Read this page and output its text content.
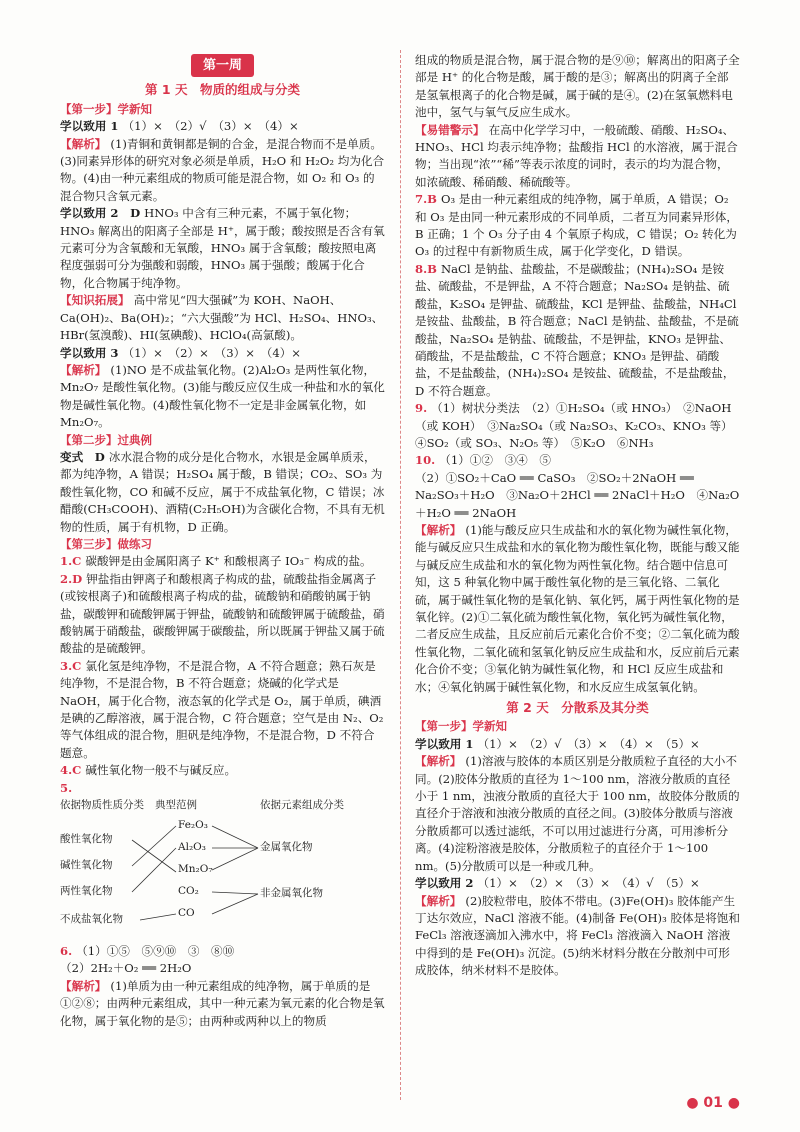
第一周
第 1 天　物质的组成与分类
【第一步】学新知

学以致用 1 （1）×　（2）√　（3）×　（4）×

【解析】 (1)青铜和黄铜都是铜的合金，是混合物而不是单质。(3)同素异形体的研究对象必须是单质，H₂O 和 H₂O₂ 均为化合物。(4)由一种元素组成的物质可能是混合物，如 O₂ 和 O₃ 的混合物只含氧元素。

学以致用 2　D HNO₃ 中含有三种元素，不属于氧化物；HNO₃ 解离出的阳离子全部是 H⁺，属于酸；酸按照是否含有氧元素可分为含氧酸和无氧酸，HNO₃ 属于含氧酸；酸按照电离程度强弱可分为强酸和弱酸，HNO₃ 属于强酸；酸属于化合物，化合物属于纯净物。

【知识拓展】 高中常见“四大强碱”为 KOH、NaOH、Ca(OH)₂、Ba(OH)₂；“六大强酸”为 HCl、H₂SO₄、HNO₃、HBr(氢溴酸)、HI(氢碘酸)、HClO₄(高氯酸)。

学以致用 3 （1）×　（2）×　（3）×　（4）×

【解析】 (1)NO 是不成盐氧化物。(2)Al₂O₃ 是两性氧化物，Mn₂O₇ 是酸性氧化物。(3)能与酸反应仅生成一种盐和水的氧化物是碱性氧化物。(4)酸性氧化物不一定是非金属氧化物，如 Mn₂O₇。

【第二步】过典例

变式　D 冰水混合物的成分是化合物水，水银是金属单质汞，都为纯净物，A 错误；H₂SO₄ 属于酸，B 错误；CO₂、SO₃ 为酸性氧化物，CO 和碱不反应，属于不成盐氧化物，C 错误；冰醋酸(CH₃COOH)、酒精(C₂H₅OH)为含碳化合物，不具有无机物的性质，属于有机物，D 正确。

【第三步】做练习

1.C 碳酸钾是由金属阳离子 K⁺ 和酸根离子 IO₃⁻ 构成的盐。

2.D 钾盐指由钾离子和酸根离子构成的盐，硫酸盐指金属离子(或铵根离子)和硫酸根离子构成的盐，硫酸钠和硝酸钠属于钠盐，碳酸钾和硫酸钾属于钾盐，硫酸钠和硫酸钾属于硫酸盐，硝酸钠属于硝酸盐，碳酸钾属于碳酸盐，所以既属于钾盐又属于硫酸盐的是硫酸钾。

3.C 氯化氢是纯净物，不是混合物，A 不符合题意；熟石灰是纯净物，不是混合物，B 不符合题意；烧碱的化学式是 NaOH，属于化合物，液态氧的化学式是 O₂，属于单质，碘酒是碘的乙醇溶液，属于混合物，C 符合题意；空气是由 N₂、O₂ 等气体组成的混合物，胆矾是纯净物，不是混合物，D 不符合题意。

4.C 碱性氧化物一般不与碱反应。

5.

依据物质性质分类 典型范例	依据元素组成分类
酸性氧化物
碱性氧化物
两性氧化物
不成盐氧化物
Fe₂O₃
Al₂O₃
Mn₂O₇
CO₂
CO
金属氧化物
非金属氧化物

6. （1）①⑤　⑤⑨⑩　③　⑧⑩

（2）2H₂＋O₂ ══ 2H₂O

【解析】 (1)单质为由一种元素组成的纯净物，属于单质的是①②⑧；由两种元素组成，其中一种元素为氧元素的化合物是氧化物，属于氧化物的是⑤；由两种或两种以上的物质

组成的物质是混合物，属于混合物的是⑨⑩；解离出的阳离子全部是 H⁺ 的化合物是酸，属于酸的是③；解离出的阴离子全部是氢氧根离子的化合物是碱，属于碱的是④。(2)在氢氧燃料电池中，氢气与氧气反应生成水。

【易错警示】 在高中化学学习中，一般硫酸、硝酸、H₂SO₄、HNO₃、HCl 均表示纯净物；盐酸指 HCl 的水溶液，属于混合物；当出现“浓”“稀”等表示浓度的词时，表示的均为混合物，如浓硫酸、稀硝酸、稀硫酸等。

7.B O₃ 是由一种元素组成的纯净物，属于单质，A 错误；O₂ 和 O₃ 是由同一种元素形成的不同单质，二者互为同素异形体，B 正确；1 个 O₃ 分子由 4 个氧原子构成，C 错误；O₂ 转化为 O₃ 的过程中有新物质生成，属于化学变化，D 错误。

8.B NaCl 是钠盐、盐酸盐，不是碳酸盐；(NH₄)₂SO₄ 是铵盐、硫酸盐，不是钾盐，A 不符合题意；Na₂SO₄ 是钠盐、硫酸盐，K₂SO₄ 是钾盐、硫酸盐，KCl 是钾盐、盐酸盐，NH₄Cl 是铵盐、盐酸盐，B 符合题意；NaCl 是钠盐、盐酸盐，不是硫酸盐，Na₂SO₄ 是钠盐、硫酸盐，不是钾盐，KNO₃ 是钾盐、硝酸盐，不是盐酸盐，C 不符合题意；KNO₃ 是钾盐、硝酸盐，不是盐酸盐，(NH₄)₂SO₄ 是铵盐、硫酸盐，不是盐酸盐，D 不符合题意。

9. （1）树状分类法　（2）①H₂SO₄（或 HNO₃）　②NaOH（或 KOH）　③Na₂SO₄（或 Na₂SO₃、K₂CO₃、KNO₃ 等）　④SO₂（或 SO₃、N₂O₅ 等）　⑤K₂O　⑥NH₃

10. （1）①②　③④　⑤

（2）①SO₂＋CaO ══ CaSO₃　②SO₂＋2NaOH ══ Na₂SO₃＋H₂O　③Na₂O＋2HCl ══ 2NaCl＋H₂O　④Na₂O＋H₂O ══ 2NaOH

【解析】 (1)能与酸反应只生成盐和水的氧化物为碱性氧化物，能与碱反应只生成盐和水的氧化物为酸性氧化物，既能与酸又能与碱反应生成盐和水的氧化物为两性氧化物。结合题中信息可知，这 5 种氧化物中属于酸性氧化物的是三氧化铬、二氧化硫，属于碱性氧化物的是氧化钠、氧化钙，属于两性氧化物的是氧化锌。(2)①二氧化硫为酸性氧化物，氧化钙为碱性氧化物，二者反应生成盐，且反应前后元素化合价不变；②二氧化硫为酸性氧化物，二氧化硫和氢氧化钠反应生成盐和水，反应前后元素化合价不变；③氧化钠为碱性氧化物，和 HCl 反应生成盐和水；④氧化钠属于碱性氧化物，和水反应生成氢氧化钠。

第 2 天　分散系及其分类
【第一步】学新知

学以致用 1 （1）×　（2）√　（3）×　（4）×　（5）×

【解析】 (1)溶液与胶体的本质区别是分散质粒子直径的大小不同。(2)胶体分散质的直径为 1～100 nm，溶液分散质的直径小于 1 nm，浊液分散质的直径大于 100 nm，故胶体分散质的直径介于溶液和浊液分散质的直径之间。(3)胶体分散质与溶液分散质都可以透过滤纸，不可以用过滤进行分离，可用渗析分离。(4)淀粉溶液是胶体，分散质粒子的直径介于 1～100 nm。(5)分散质可以是一种或几种。

学以致用 2 （1）×　（2）×　（3）×　（4）√　（5）×

【解析】 (2)胶粒带电，胶体不带电。(3)Fe(OH)₃ 胶体能产生丁达尔效应，NaCl 溶液不能。(4)制备 Fe(OH)₃ 胶体是将饱和 FeCl₃ 溶液逐滴加入沸水中，将 FeCl₃ 溶液滴入 NaOH 溶液中得到的是 Fe(OH)₃ 沉淀。(5)纳米材料分散在分散剂中可形成胶体，纳米材料不是胶体。

● 01 ●
